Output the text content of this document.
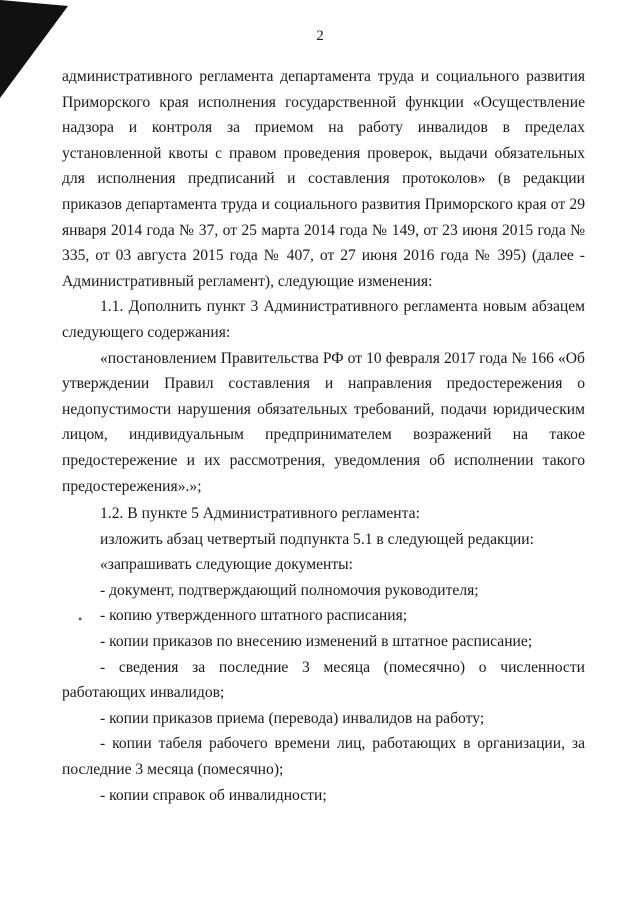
2

административного регламента департамента труда и социального развития Приморского края исполнения государственной функции «Осуществление надзора и контроля за приемом на работу инвалидов в пределах установленной квоты с правом проведения проверок, выдачи обязательных для исполнения предписаний и составления протоколов» (в редакции приказов департамента труда и социального развития Приморского края от 29 января 2014 года № 37, от 25 марта 2014 года № 149, от 23 июня 2015 года № 335, от 03 августа 2015 года № 407, от 27 июня 2016 года № 395) (далее - Административный регламент), следующие изменения:

1.1. Дополнить пункт 3 Административного регламента новым абзацем следующего содержания:

«постановлением Правительства РФ от 10 февраля 2017 года № 166 «Об утверждении Правил составления и направления предостережения о недопустимости нарушения обязательных требований, подачи юридическим лицом, индивидуальным предпринимателем возражений на такое предостережение и их рассмотрения, уведомления об исполнении такого предостережения».»;

1.2. В пункте 5 Административного регламента:

изложить абзац четвертый подпункта 5.1 в следующей редакции:

«запрашивать следующие документы:

- документ, подтверждающий полномочия руководителя;

- копию утвержденного штатного расписания;

- копии приказов по внесению изменений в штатное расписание;

- сведения за последние 3 месяца (помесячно) о численности работающих инвалидов;

- копии приказов приема (перевода) инвалидов на работу;

- копии табеля рабочего времени лиц, работающих в организации, за последние 3 месяца (помесячно);

- копии справок об инвалидности;

•
